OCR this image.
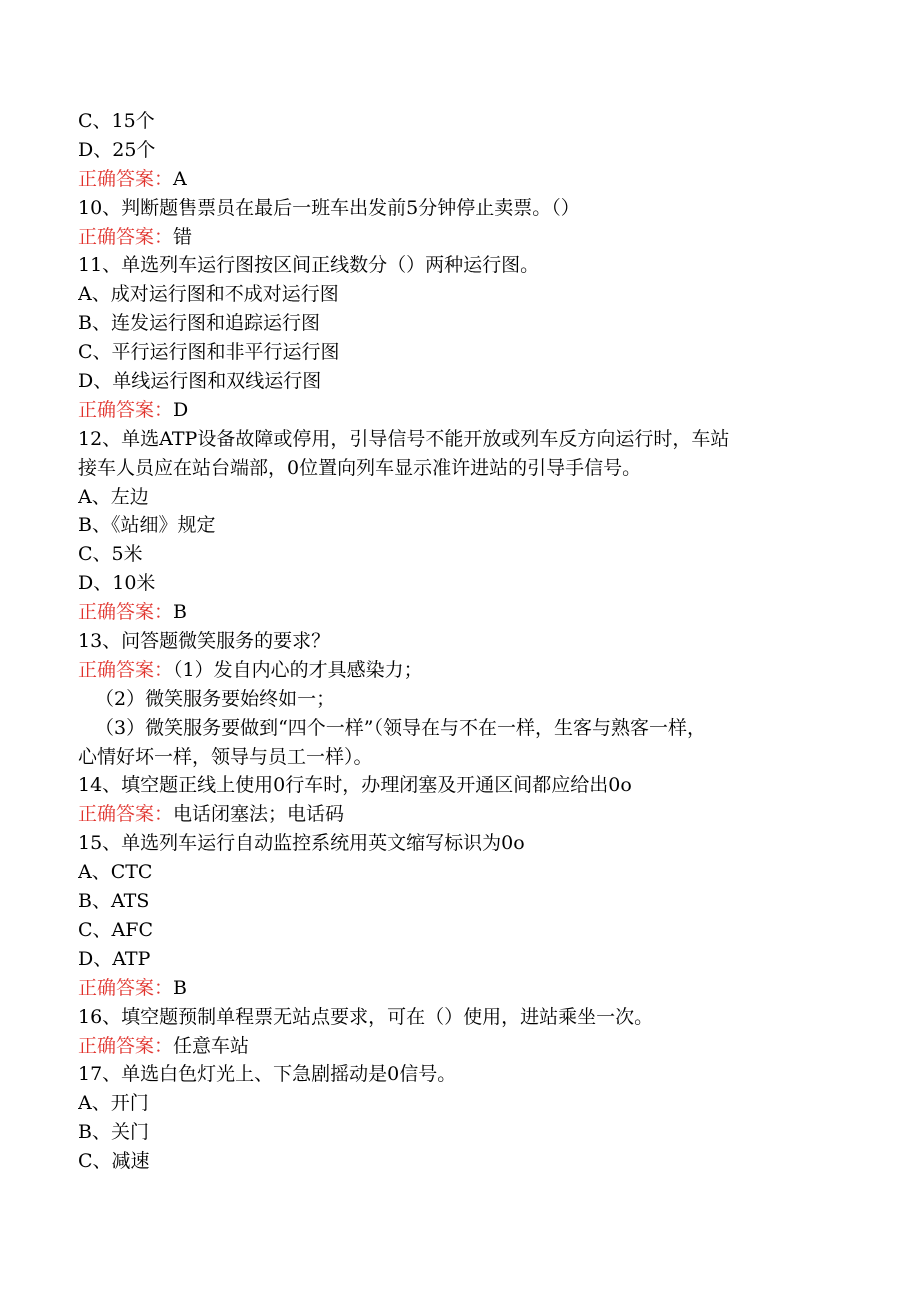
C、15个
D、25个
正确答案：A
10、判断题售票员在最后一班车出发前5分钟停止卖票。（）
正确答案：错
11、单选列车运行图按区间正线数分（）两种运行图。
A、成对运行图和不成对运行图
B、连发运行图和追踪运行图
C、平行运行图和非平行运行图
D、单线运行图和双线运行图
正确答案：D
12、单选ATP设备故障或停用，引导信号不能开放或列车反方向运行时，车站
接车人员应在站台端部，0位置向列车显示准许进站的引导手信号。
A、左边
B、《站细》规定
C、5米
D、10米
正确答案：B
13、问答题微笑服务的要求？
正确答案：（1）发自内心的才具感染力；
（2）微笑服务要始终如一；
（3）微笑服务要做到“四个一样”（领导在与不在一样，生客与熟客一样，
心情好坏一样，领导与员工一样）。
14、填空题正线上使用0行车时，办理闭塞及开通区间都应给出0o
正确答案：电话闭塞法；电话码
15、单选列车运行自动监控系统用英文缩写标识为0o
A、CTC
B、ATS
C、AFC
D、ATP
正确答案：B
16、填空题预制单程票无站点要求，可在（）使用，进站乘坐一次。
正确答案：任意车站
17、单选白色灯光上、下急剧摇动是0信号。
A、开门
B、关门
C、减速
